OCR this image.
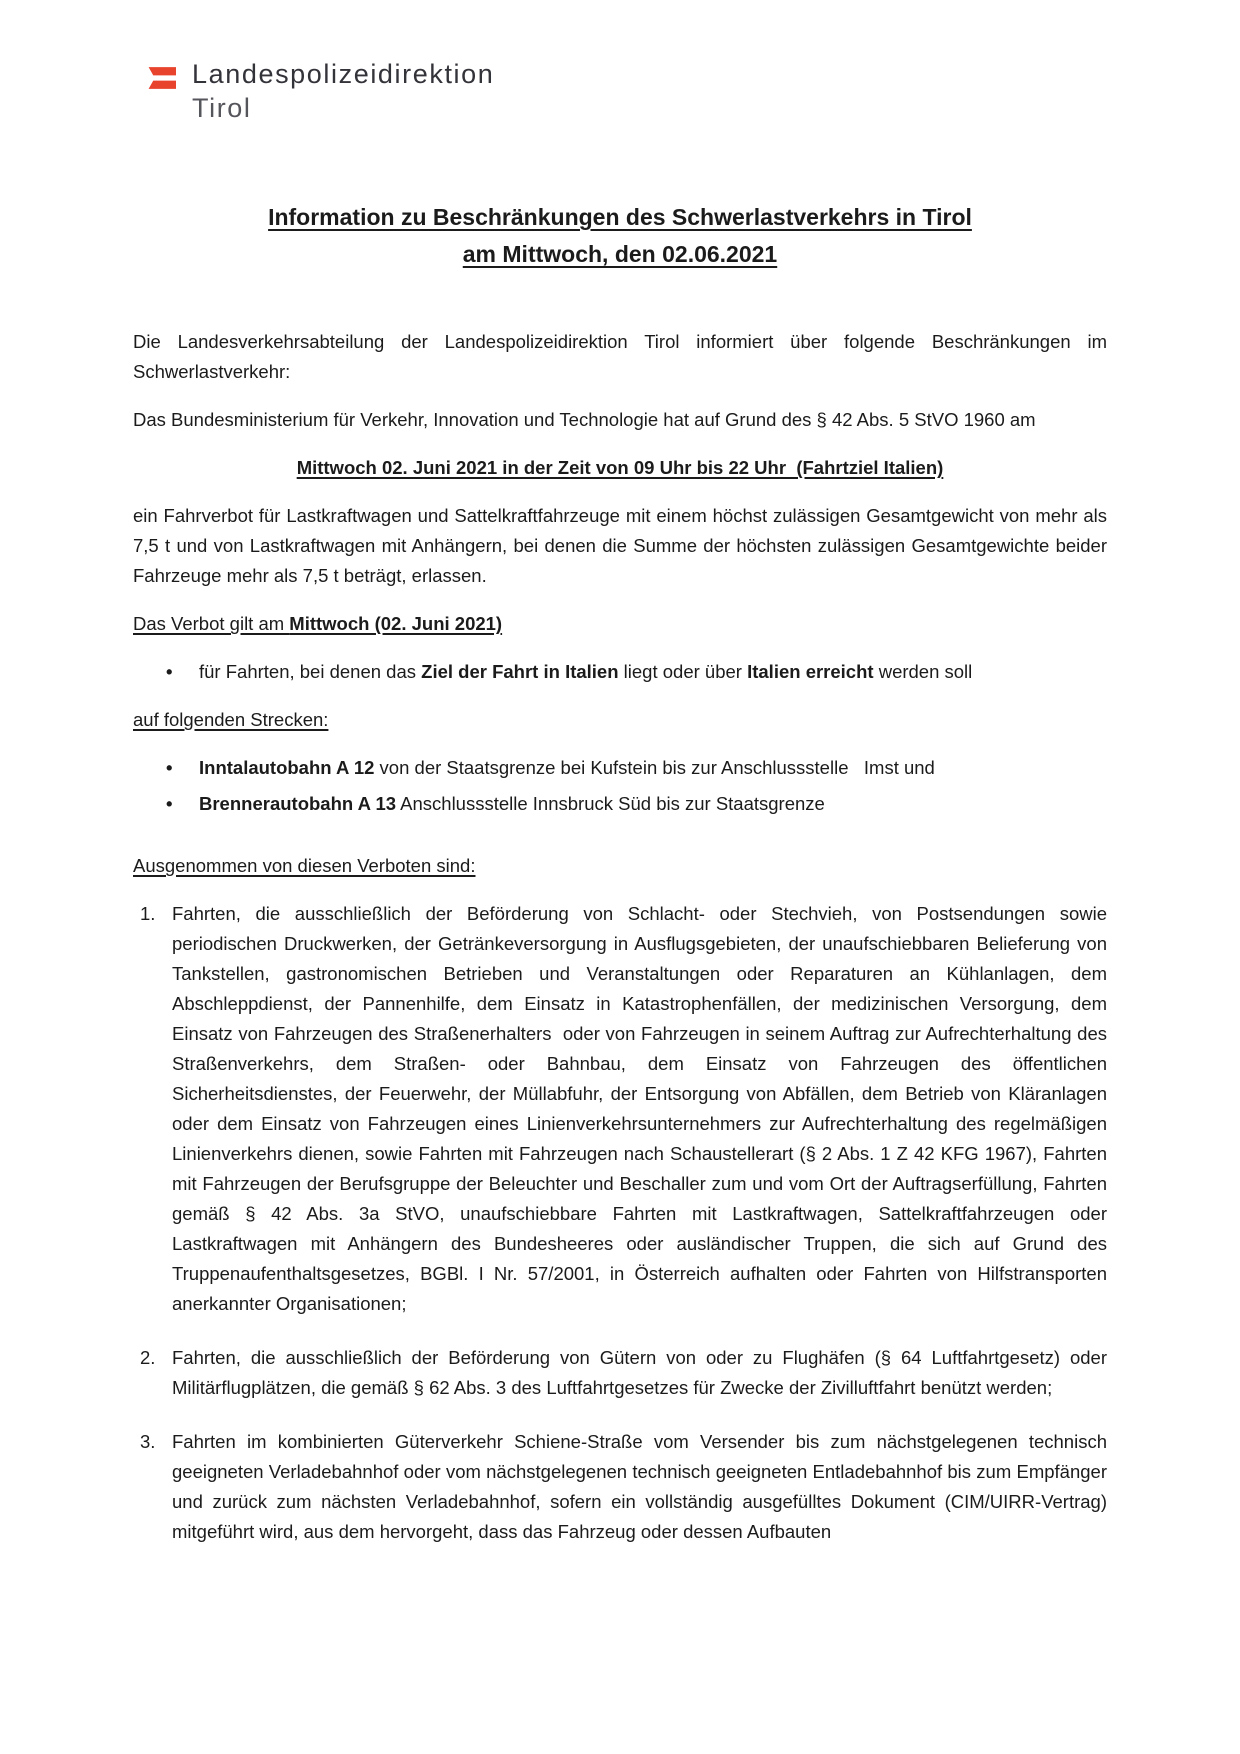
Landespolizeidirektion
Tirol
Information zu Beschränkungen des Schwerlastverkehrs in Tirol
am Mittwoch, den 02.06.2021

Die Landesverkehrsabteilung der Landespolizeidirektion Tirol informiert über folgende Beschränkungen im Schwerlastverkehr:

Das Bundesministerium für Verkehr, Innovation und Technologie hat auf Grund des § 42 Abs. 5 StVO 1960 am

Mittwoch 02. Juni 2021 in der Zeit von 09 Uhr bis 22 Uhr  (Fahrtziel Italien)

ein Fahrverbot für Lastkraftwagen und Sattelkraftfahrzeuge mit einem höchst zulässigen Gesamtgewicht von mehr als 7,5 t und von Lastkraftwagen mit Anhängern, bei denen die Summe der höchsten zulässigen Gesamtgewichte beider Fahrzeuge mehr als 7,5 t beträgt, erlassen.

Das Verbot gilt am Mittwoch (02. Juni 2021)

• für Fahrten, bei denen das Ziel der Fahrt in Italien liegt oder über Italien erreicht werden soll

auf folgenden Strecken:

• Inntalautobahn A 12 von der Staatsgrenze bei Kufstein bis zur Anschlussstelle   Imst und
• Brennerautobahn A 13 Anschlussstelle Innsbruck Süd bis zur Staatsgrenze

Ausgenommen von diesen Verboten sind:

1. Fahrten, die ausschließlich der Beförderung von Schlacht- oder Stechvieh, von Postsendungen sowie periodischen Druckwerken, der Getränkeversorgung in Ausflugsgebieten, der unaufschiebbaren Belieferung von Tankstellen, gastronomischen Betrieben und Veranstaltungen oder Reparaturen an Kühlanlagen, dem Abschleppdienst, der Pannenhilfe, dem Einsatz in Katastrophenfällen, der medizinischen Versorgung, dem Einsatz von Fahrzeugen des Straßenerhalters  oder von Fahrzeugen in seinem Auftrag zur Aufrechterhaltung des Straßenverkehrs, dem Straßen- oder Bahnbau, dem Einsatz von Fahrzeugen des öffentlichen Sicherheitsdienstes, der Feuerwehr, der Müllabfuhr, der Entsorgung von Abfällen, dem Betrieb von Kläranlagen oder dem Einsatz von Fahrzeugen eines Linienverkehrsunternehmers zur Aufrechterhaltung des regelmäßigen Linienverkehrs dienen, sowie Fahrten mit Fahrzeugen nach Schaustellerart (§ 2 Abs. 1 Z 42 KFG 1967), Fahrten mit Fahrzeugen der Berufsgruppe der Beleuchter und Beschaller zum und vom Ort der Auftragserfüllung, Fahrten gemäß § 42 Abs. 3a StVO, unaufschiebbare Fahrten mit Lastkraftwagen, Sattelkraftfahrzeugen oder Lastkraftwagen mit Anhängern des Bundesheeres oder ausländischer Truppen, die sich auf Grund des Truppenaufenthaltsgesetzes, BGBl. I Nr. 57/2001, in Österreich aufhalten oder Fahrten von Hilfstransporten anerkannter Organisationen;
2. Fahrten, die ausschließlich der Beförderung von Gütern von oder zu Flughäfen (§ 64 Luftfahrtgesetz) oder Militärflugplätzen, die gemäß § 62 Abs. 3 des Luftfahrtgesetzes für Zwecke der Zivilluftfahrt benützt werden;
3. Fahrten im kombinierten Güterverkehr Schiene-Straße vom Versender bis zum nächstgelegenen technisch geeigneten Verladebahnhof oder vom nächstgelegenen technisch geeigneten Entladebahnhof bis zum Empfänger und zurück zum nächsten Verladebahnhof, sofern ein vollständig ausgefülltes Dokument (CIM/UIRR-Vertrag) mitgeführt wird, aus dem hervorgeht, dass das Fahrzeug oder dessen Aufbauten
